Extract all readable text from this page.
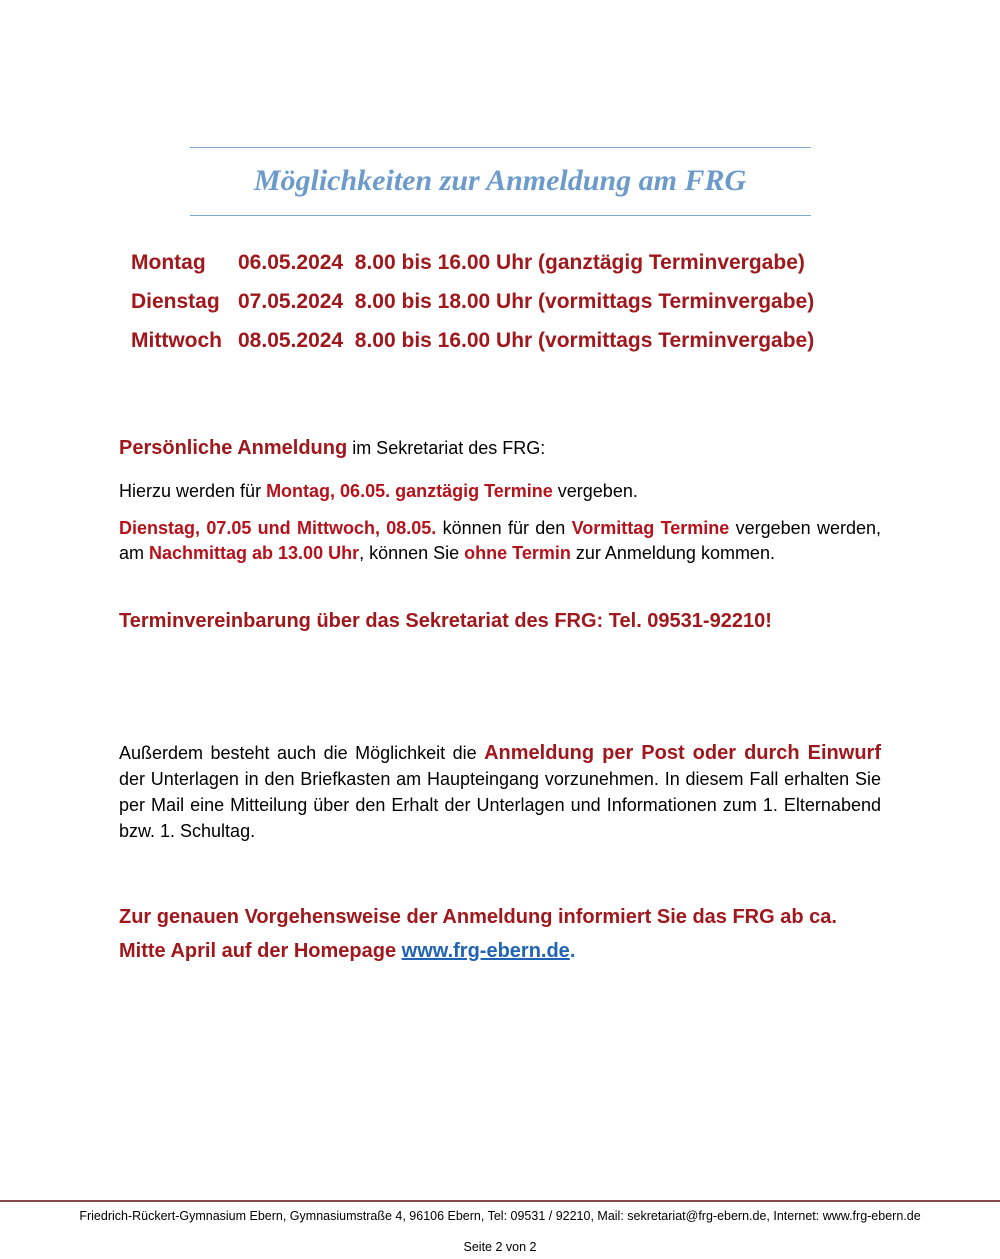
Möglichkeiten zur Anmeldung am FRG
Montag 06.05.2024 8.00 bis 16.00 Uhr (ganztägig Terminvergabe)
Dienstag 07.05.2024 8.00 bis 18.00 Uhr (vormittags Terminvergabe)
Mittwoch 08.05.2024 8.00 bis 16.00 Uhr (vormittags Terminvergabe)
Persönliche Anmeldung im Sekretariat des FRG:
Hierzu werden für Montag, 06.05. ganztägig Termine vergeben.
Dienstag, 07.05 und Mittwoch, 08.05. können für den Vormittag Termine vergeben werden, am Nachmittag ab 13.00 Uhr, können Sie ohne Termin zur Anmeldung kommen.
Terminvereinbarung über das Sekretariat des FRG: Tel. 09531-92210!
Außerdem besteht auch die Möglichkeit die Anmeldung per Post oder durch Einwurf der Unterlagen in den Briefkasten am Haupteingang vorzunehmen. In diesem Fall erhalten Sie per Mail eine Mitteilung über den Erhalt der Unterlagen und Informationen zum 1. Elternabend bzw. 1. Schultag.
Zur genauen Vorgehensweise der Anmeldung informiert Sie das FRG ab ca.
Mitte April auf der Homepage www.frg-ebern.de.
Friedrich-Rückert-Gymnasium Ebern, Gymnasiumstraße 4, 96106 Ebern, Tel: 09531 / 92210, Mail: sekretariat@frg-ebern.de, Internet: www.frg-ebern.de
Seite 2 von 2
